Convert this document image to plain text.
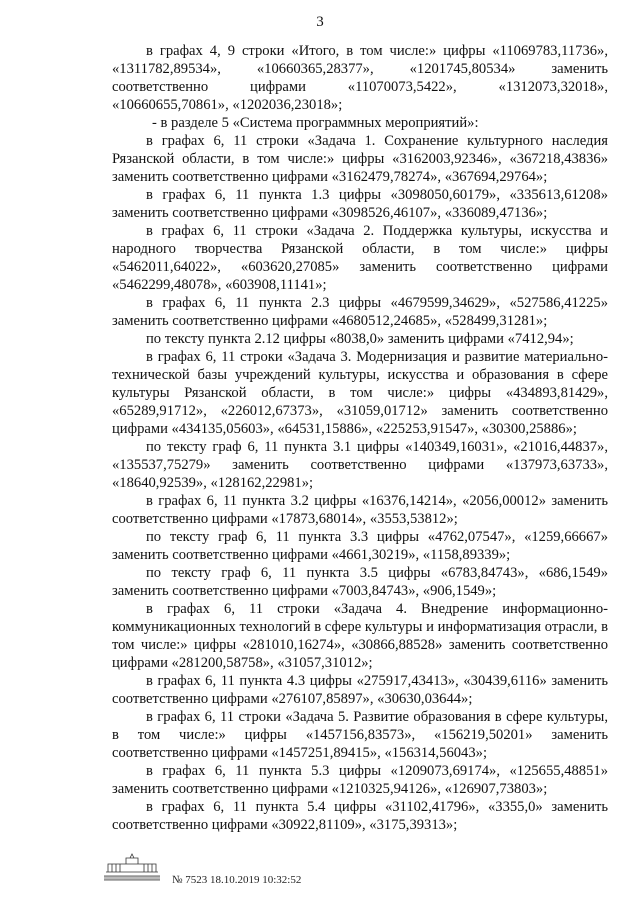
3

в графах 4, 9 строки «Итого, в том числе:» цифры «11069783,11736», «1311782,89534», «10660365,28377», «1201745,80534» заменить соответственно цифрами «11070073,5422», «1312073,32018», «10660655,70861», «1202036,23018»;

- в разделе 5 «Система программных мероприятий»:

в графах 6, 11 строки «Задача 1. Сохранение культурного наследия Рязанской области, в том числе:» цифры «3162003,92346», «367218,43836» заменить соответственно цифрами «3162479,78274», «367694,29764»;

в графах 6, 11 пункта 1.3 цифры «3098050,60179», «335613,61208» заменить соответственно цифрами «3098526,46107», «336089,47136»;

в графах 6, 11 строки «Задача 2. Поддержка культуры, искусства и народного творчества Рязанской области, в том числе:» цифры «5462011,64022», «603620,27085» заменить соответственно цифрами «5462299,48078», «603908,11141»;

в графах 6, 11 пункта 2.3 цифры «4679599,34629», «527586,41225» заменить соответственно цифрами «4680512,24685», «528499,31281»;

по тексту пункта 2.12 цифры «8038,0» заменить цифрами «7412,94»;

в графах 6, 11 строки «Задача 3. Модернизация и развитие материально-технической базы учреждений культуры, искусства и образования в сфере культуры Рязанской области, в том числе:» цифры «434893,81429», «65289,91712», «226012,67373», «31059,01712» заменить соответственно цифрами «434135,05603», «64531,15886», «225253,91547», «30300,25886»;

по тексту граф 6, 11 пункта 3.1 цифры «140349,16031», «21016,44837», «135537,75279» заменить соответственно цифрами «137973,63733», «18640,92539», «128162,22981»;

в графах 6, 11 пункта 3.2 цифры «16376,14214», «2056,00012» заменить соответственно цифрами «17873,68014», «3553,53812»;

по тексту граф 6, 11 пункта 3.3 цифры «4762,07547», «1259,66667» заменить соответственно цифрами «4661,30219», «1158,89339»;

по тексту граф 6, 11 пункта 3.5 цифры «6783,84743», «686,1549» заменить соответственно цифрами «7003,84743», «906,1549»;

в графах 6, 11 строки «Задача 4. Внедрение информационно-коммуникационных технологий в сфере культуры и информатизация отрасли, в том числе:» цифры «281010,16274», «30866,88528» заменить соответственно цифрами «281200,58758», «31057,31012»;

в графах 6, 11 пункта 4.3 цифры «275917,43413», «30439,6116» заменить соответственно цифрами «276107,85897», «30630,03644»;

в графах 6, 11 строки «Задача 5. Развитие образования в сфере культуры, в том числе:» цифры «1457156,83573», «156219,50201» заменить соответственно цифрами «1457251,89415», «156314,56043»;

в графах 6, 11 пункта 5.3 цифры «1209073,69174», «125655,48851» заменить соответственно цифрами «1210325,94126», «126907,73803»;

в графах 6, 11 пункта 5.4 цифры «31102,41796», «3355,0» заменить соответственно цифрами «30922,81109», «3175,39313»;

№ 7523 18.10.2019 10:32:52
